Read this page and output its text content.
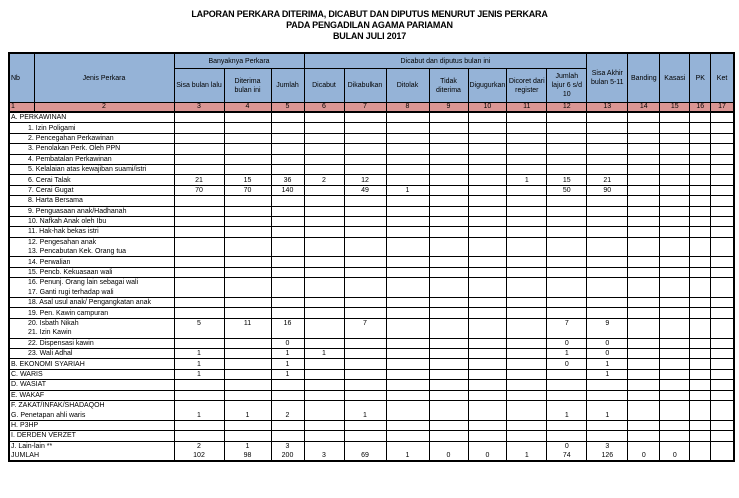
LAPORAN PERKARA DITERIMA, DICABUT DAN DIPUTUS MENURUT JENIS PERKARA
PADA PENGADILAN AGAMA PARIAMAN
BULAN JULI 2017
Nb	Jenis Perkara	Banyaknya Perkara			Dicabut dan diputus bulan ini							Sisa Akhir bulan 5-11	Banding	Kasasi	PK	Ket
		Sisa bulan lalu	Diterima bulan ini	Jumlah	Dicabut	Dikabulkan	Ditolak	Tidak diterima	Digugurkan	Dicoret dari register	Jumlah lajur 6 s/d 10					
1	2	3	4	5	6	7	8	9	10	11	12	13	14	15	16	17
A. PERKAWINAN																
1. Izin Poligami																
2. Pencegahan Perkawinan																
3. Penolakan Perk. Oleh PPN																
4. Pembatalan Perkawinan																
5. Kelalaian atas kewajiban suami/istri																
6. Cerai Talak		21	15	36	2	12				1	15	21				
7. Cerai Gugat		70	70	140		49	1				50	90				
8. Harta Bersama																
9. Penguasaan anak/Hadhanah																
10. Nafkah Anak oleh Ibu																
11. Hak-hak bekas istri																
12. Pengesahan anak																
13. Pencabutan Kek. Orang tua																
14. Perwalian																
15. Pencb. Kekuasaan wali																
16. Penunj. Orang lain sebagai wali																
17. Ganti rugi terhadap wali																
18. Asal usul anak/ Pengangkatan anak																
19. Pen. Kawin campuran																
20. Isbath Nikah		5	11	16		7					7	9				
21. Izin Kawin																
22. Dispensasi kawin				0							0	0				
23. Wali Adhal		1		1	1						1	0				
B. EKONOMI SYARIAH		1		1							0	1				
C. WARIS		1		1								1				
D. WASIAT																
E. WAKAF																
F. ZAKAT/INFAK/SHADAQOH																
G. Penetapan ahli waris		1	1	2		1					1	1				
H. P3HP																
I. DERDEN VERZET																
J. Lain-lain **		2	1	3							0	3				
JUMLAH		102	98	200	3	69	1	0	0	1	74	126	0	0		
